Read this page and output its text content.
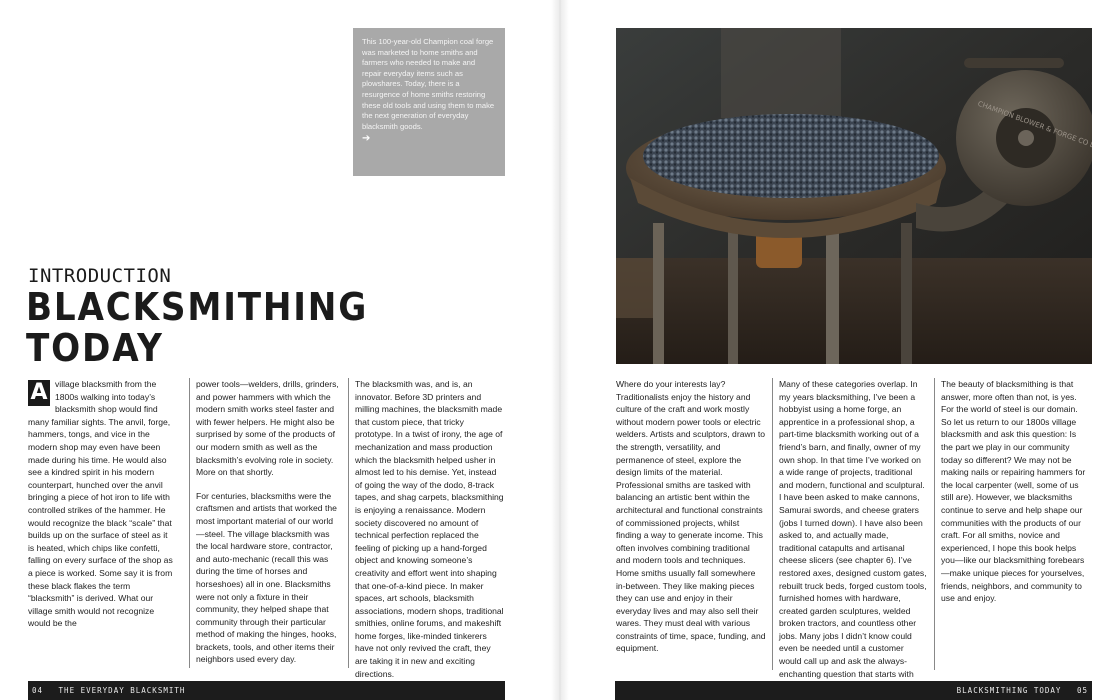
This 100-year-old Champion coal forge was marketed to home smiths and farmers who needed to make and repair everyday items such as plowshares. Today, there is a resurgence of home smiths restoring these old tools and using them to make the next generation of everyday blacksmith goods.
➔
INTRODUCTION
BLACKSMITHING
TODAY

A village blacksmith from the 1800s walking into today’s blacksmith shop would find many familiar sights. The anvil, forge, hammers, tongs, and vice in the modern shop may even have been made during his time. He would also see a kindred spirit in his modern counterpart, hunched over the anvil bringing a piece of hot iron to life with controlled strikes of the hammer. He would recognize the black “scale” that builds up on the surface of steel as it is heated, which chips like confetti, falling on every surface of the shop as a piece is worked. Some say it is from these black flakes the term “blacksmith” is derived. What our village smith would not recognize would be the

power tools—welders, drills, grinders, and power hammers with which the modern smith works steel faster and with fewer helpers. He might also be surprised by some of the products of our modern smith as well as the blacksmith’s evolving role in society. More on that shortly.

For centuries, blacksmiths were the craftsmen and artists that worked the most important material of our world—steel. The village blacksmith was the local hardware store, contractor, and auto-mechanic (recall this was during the time of horses and horseshoes) all in one. Blacksmiths were not only a fixture in their community, they helped shape that community through their particular method of making the hinges, hooks, brackets, tools, and other items their neighbors used every day.

The blacksmith was, and is, an innovator. Before 3D printers and milling machines, the blacksmith made that custom piece, that tricky prototype. In a twist of irony, the age of mechanization and mass production which the blacksmith helped usher in almost led to his demise. Yet, instead of going the way of the dodo, 8-track tapes, and shag carpets, blacksmithing is enjoying a renaissance. Modern society discovered no amount of technical perfection replaced the feeling of picking up a hand-forged object and knowing someone’s creativity and effort went into shaping that one-of-a-kind piece. In maker spaces, art schools, blacksmith associations, modern shops, traditional smithies, online forums, and makeshift home forges, like-minded tinkerers have not only revived the craft, they are taking it in new and exciting directions.

04 THE EVERYDAY BLACKSMITH
CHAMPION BLOWER & FORGE CO

Where do your interests lay? Traditionalists enjoy the history and culture of the craft and work mostly without modern power tools or electric welders. Artists and sculptors, drawn to the strength, versatility, and permanence of steel, explore the design limits of the material. Professional smiths are tasked with balancing an artistic bent within the architectural and functional constraints of commissioned projects, whilst finding a way to generate income. This often involves combining traditional and modern tools and techniques. Home smiths usually fall somewhere in-between. They like making pieces they can use and enjoy in their everyday lives and may also sell their wares. They must deal with various constraints of time, space, funding, and equipment.

Many of these categories overlap. In my years blacksmithing, I’ve been a hobbyist using a home forge, an apprentice in a professional shop, a part-time blacksmith working out of a friend’s barn, and finally, owner of my own shop. In that time I’ve worked on a wide range of projects, traditional and modern, functional and sculptural. I have been asked to make cannons, Samurai swords, and cheese graters (jobs I turned down). I have also been asked to, and actually made, traditional catapults and artisanal cheese slicers (see chapter 6). I’ve restored axes, designed custom gates, rebuilt truck beds, forged custom tools, furnished homes with hardware, created garden sculptures, welded broken tractors, and countless other jobs. Many jobs I didn’t know could even be needed until a customer would call up and ask the always-enchanting question that starts with

The beauty of blacksmithing is that answer, more often than not, is yes. For the world of steel is our domain. So let us return to our 1800s village blacksmith and ask this question: Is the part we play in our community today so different? We may not be making nails or repairing hammers for the local carpenter (well, some of us still are). However, we blacksmiths continue to serve and help shape our communities with the products of our craft. For all smiths, novice and experienced, I hope this book helps you—like our blacksmithing forebears—make unique pieces for yourselves, friends, neighbors, and community to use and enjoy.

BLACKSMITHING TODAY 05
